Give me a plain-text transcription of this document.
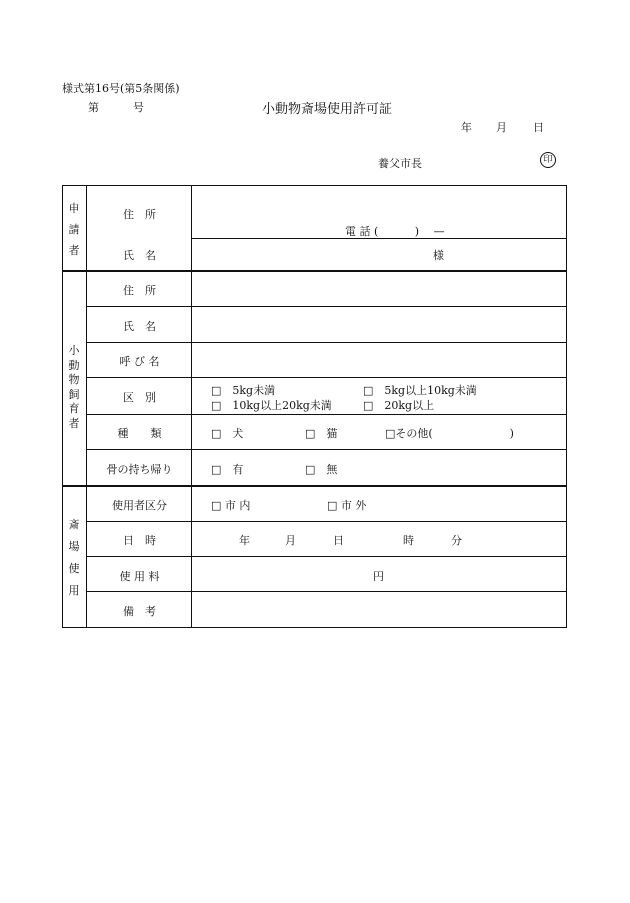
様式第16号(第5条関係)
第	号	小動物斎場使用許可証
年 月 日
養父市長	印
申
請
者
住　所
電 話 (　　　 )　 —
氏　名	様
小
動
物
飼
育
者
住　所
氏　名
呼 び 名
区　別
□　5kg未満	□　5kg以上10kg未満
□　10kg以上20kg未満	□　20kg以上
種　　類	□　犬	□　猫	□その他(　　　　　　　)
骨の持ち帰り	□　有	□　無
斎
場
使
用
使用者区分	□ 市 内	□ 市 外
日　時	年	月	日	時	分
使 用 料	円
備　考
